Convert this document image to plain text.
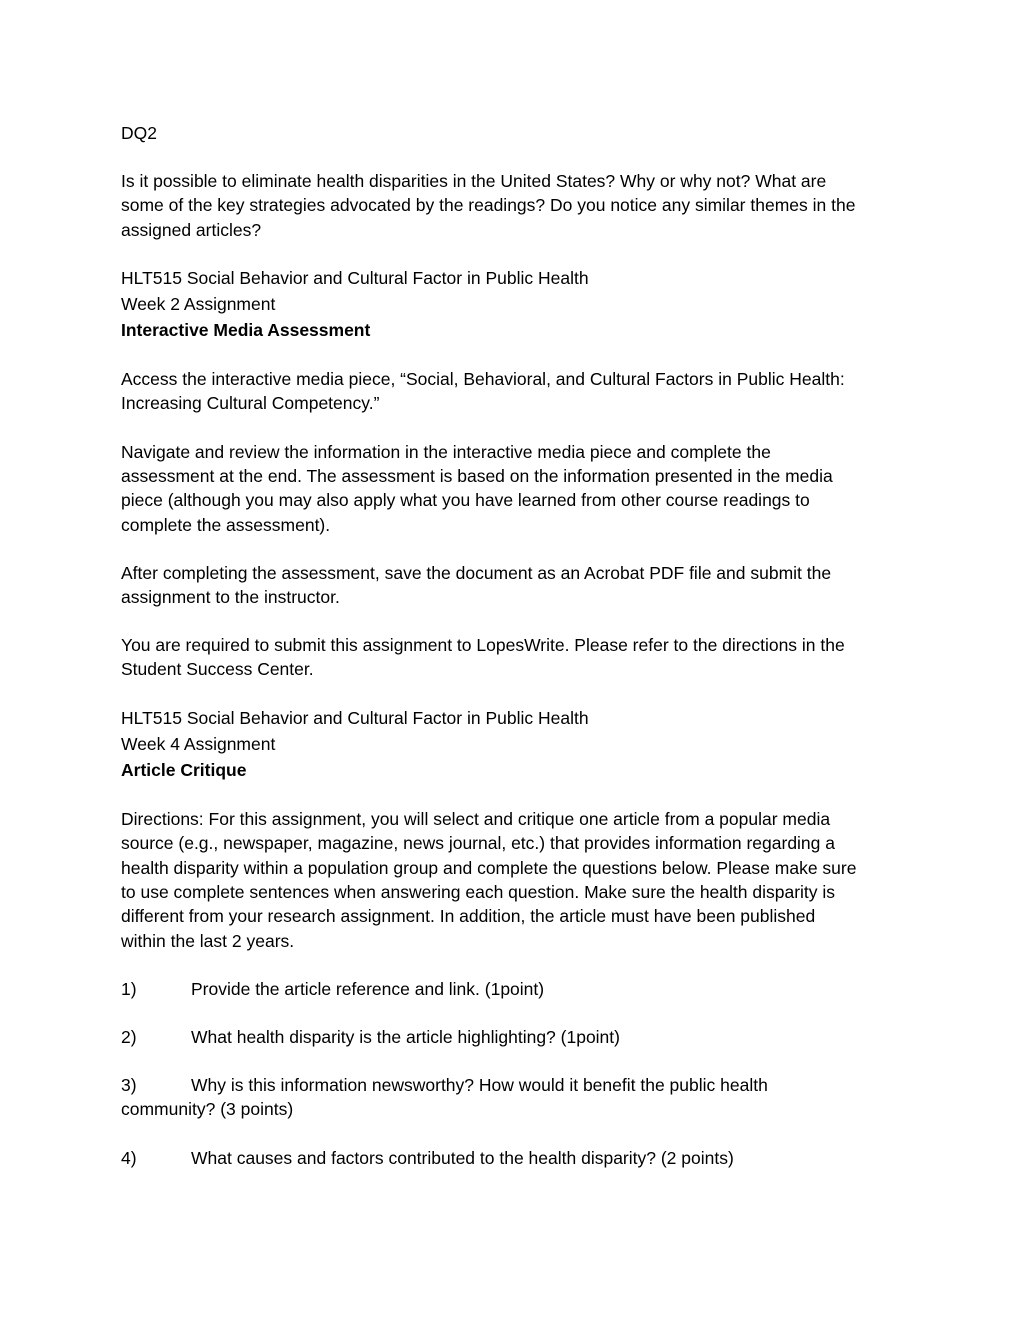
DQ2

Is it possible to eliminate health disparities in the United States? Why or why not? What are

some of the key strategies advocated by the readings? Do you notice any similar themes in the

assigned articles?

HLT515 Social Behavior and Cultural Factor in Public Health

Week 2 Assignment

Interactive Media Assessment

Access the interactive media piece, “Social, Behavioral, and Cultural Factors in Public Health:

Increasing Cultural Competency.”

Navigate and review the information in the interactive media piece and complete the

assessment at the end. The assessment is based on the information presented in the media

piece (although you may also apply what you have learned from other course readings to

complete the assessment).

After completing the assessment, save the document as an Acrobat PDF file and submit the

assignment to the instructor.

You are required to submit this assignment to LopesWrite. Please refer to the directions in the

Student Success Center.

HLT515 Social Behavior and Cultural Factor in Public Health

Week 4 Assignment

Article Critique

Directions: For this assignment, you will select and critique one article from a popular media

source (e.g., newspaper, magazine, news journal, etc.) that provides information regarding a

health disparity within a population group and complete the questions below. Please make sure

to use complete sentences when answering each question. Make sure the health disparity is

different from your research assignment. In addition, the article must have been published

within the last 2 years.

1)	Provide the article reference and link. (1point)

2)	What health disparity is the article highlighting? (1point)

3)	Why is this information newsworthy? How would it benefit the public health

community? (3 points)

4)	What causes and factors contributed to the health disparity? (2 points)
